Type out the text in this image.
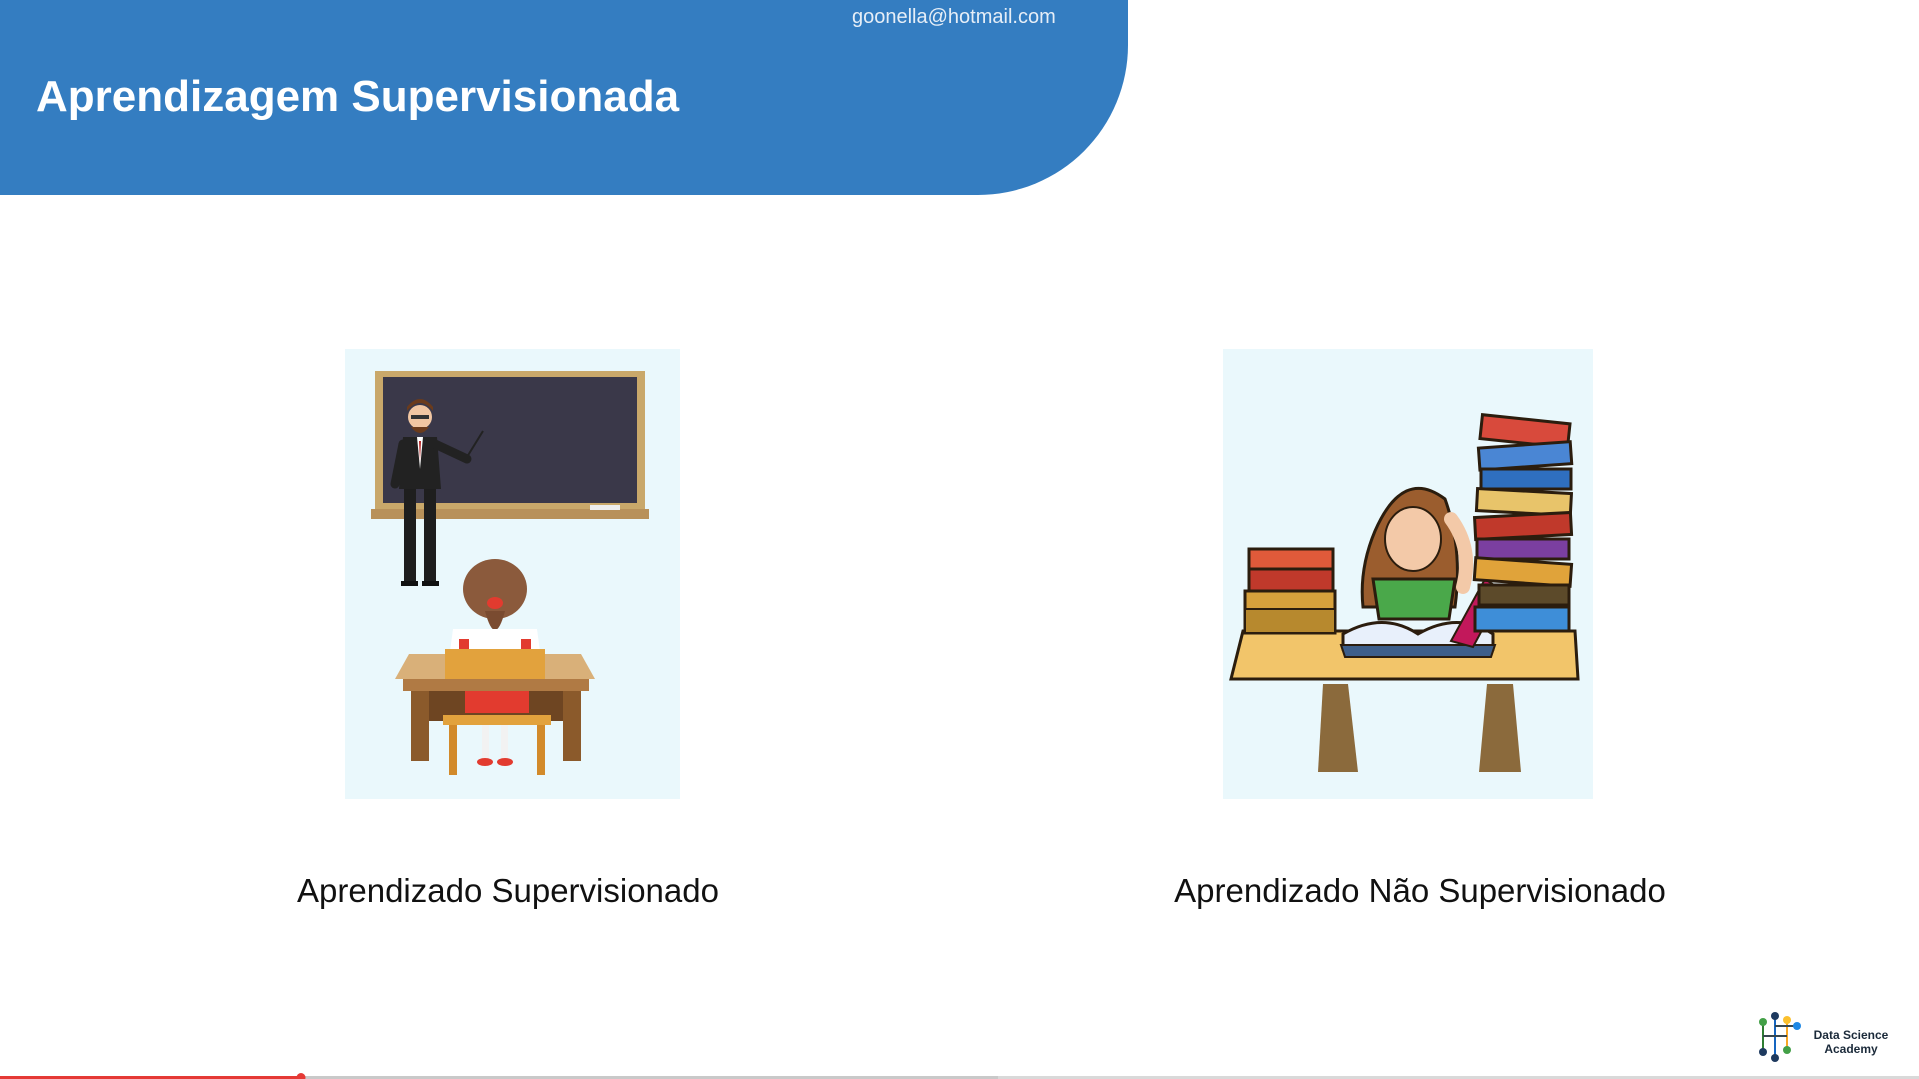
Aprendizagem Supervisionada
goonella@hotmail.com
Aprendizado Supervisionado	Aprendizado Não Supervisionado
Data Science
Academy
